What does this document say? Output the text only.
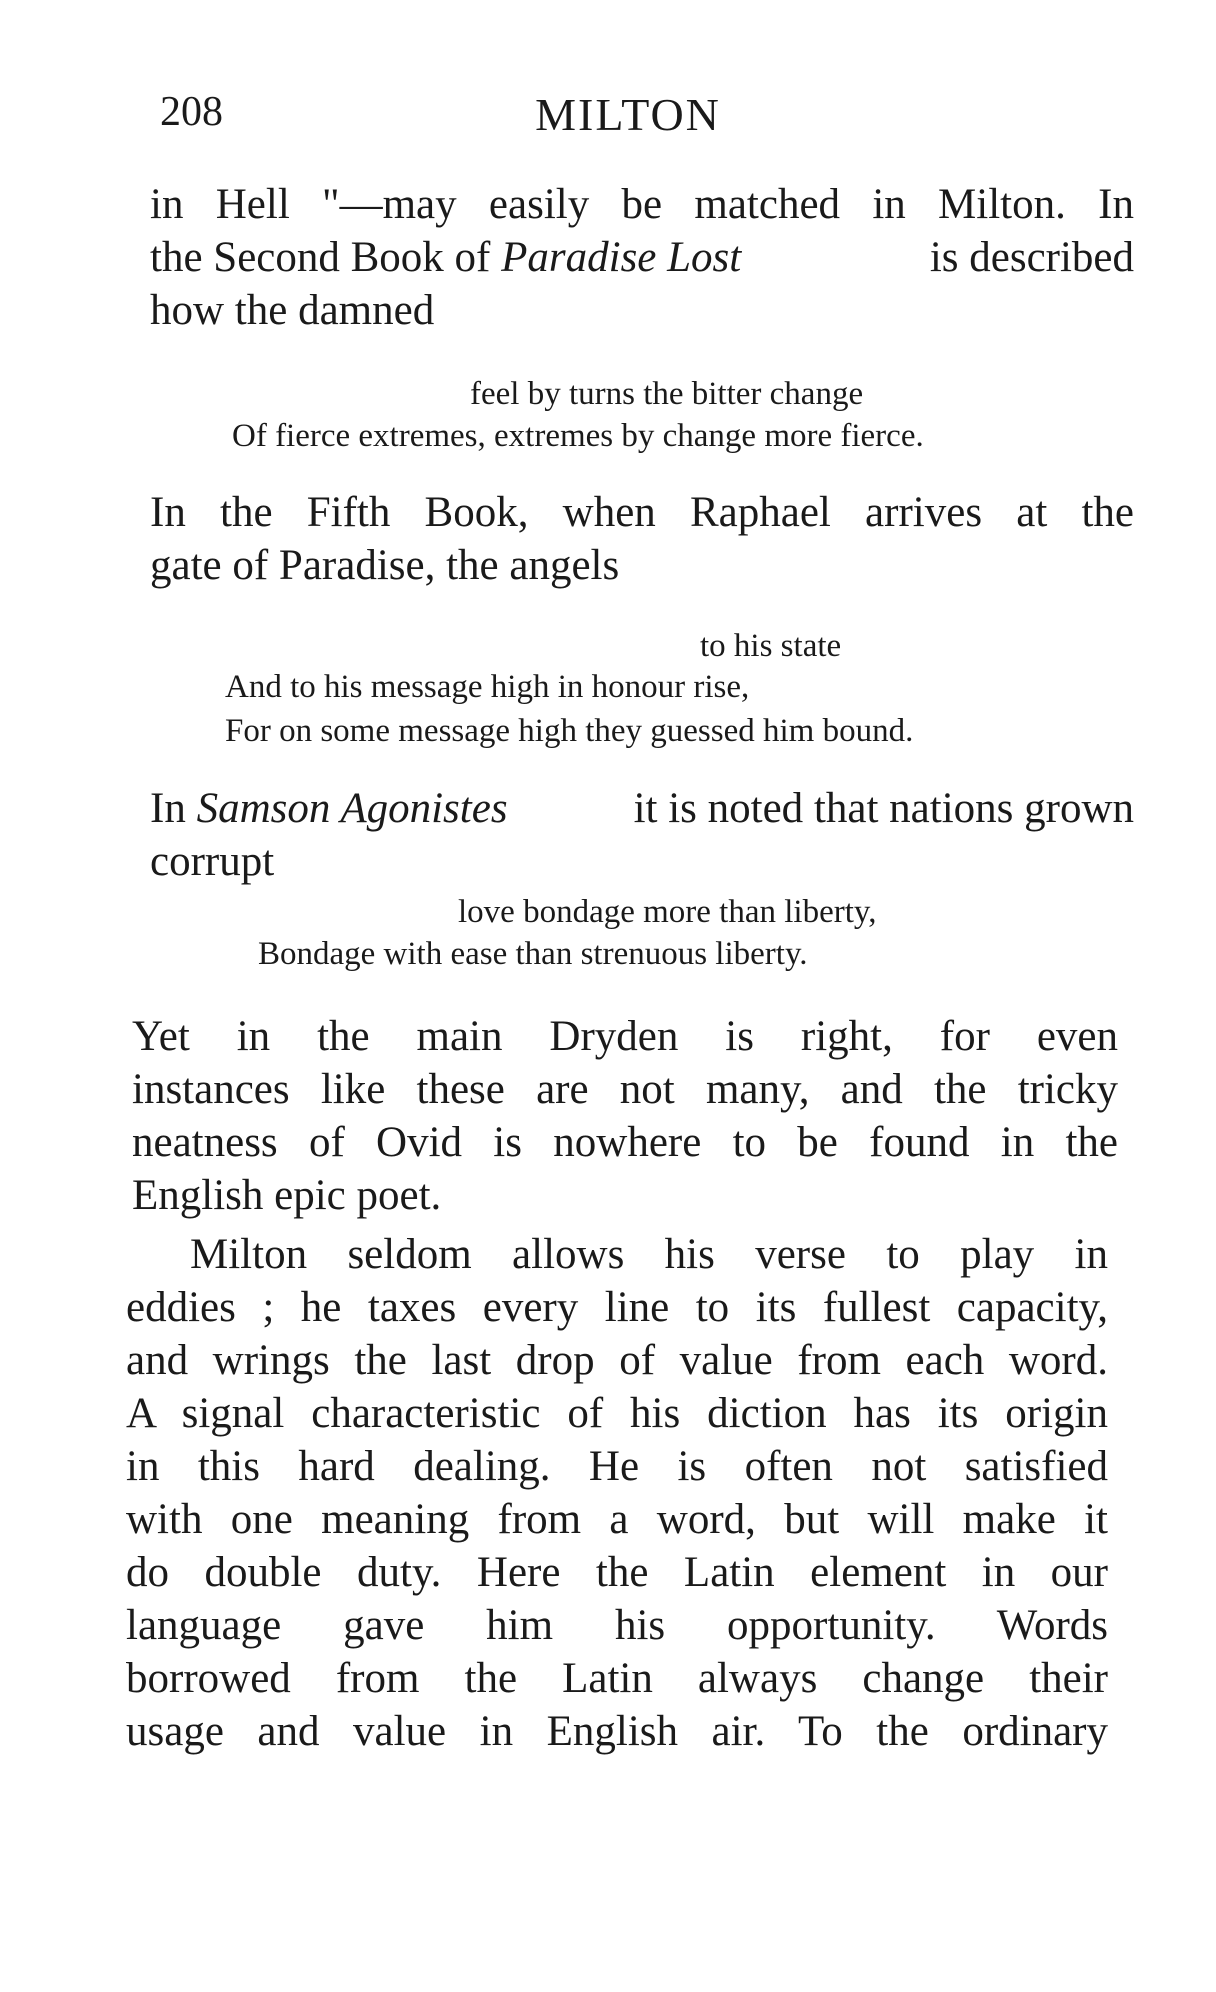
208	MILTON
in Hell "—may easily be matched in Milton. In
the Second Book of Paradise Lost	is described
how the damned
feel by turns the bitter change
Of fierce extremes, extremes by change more fierce.
In the Fifth Book, when Raphael arrives at the
gate of Paradise, the angels
to his state
And to his message high in honour rise,
For on some message high they guessed him bound.
In Samson Agonistes	it is noted that nations grown
corrupt
love bondage more than liberty,
Bondage with ease than strenuous liberty.
Yet in the main Dryden is right, for even
instances like these are not many, and the tricky
neatness of Ovid is nowhere to be found in the
English epic poet.
Milton seldom allows his verse to play in
eddies ; he taxes every line to its fullest capacity,
and wrings the last drop of value from each word.
A signal characteristic of his diction has its origin
in this hard dealing. He is often not satisfied
with one meaning from a word, but will make it
do double duty. Here the Latin element in our
language gave him his opportunity. Words
borrowed from the Latin always change their
usage and value in English air. To the ordinary
